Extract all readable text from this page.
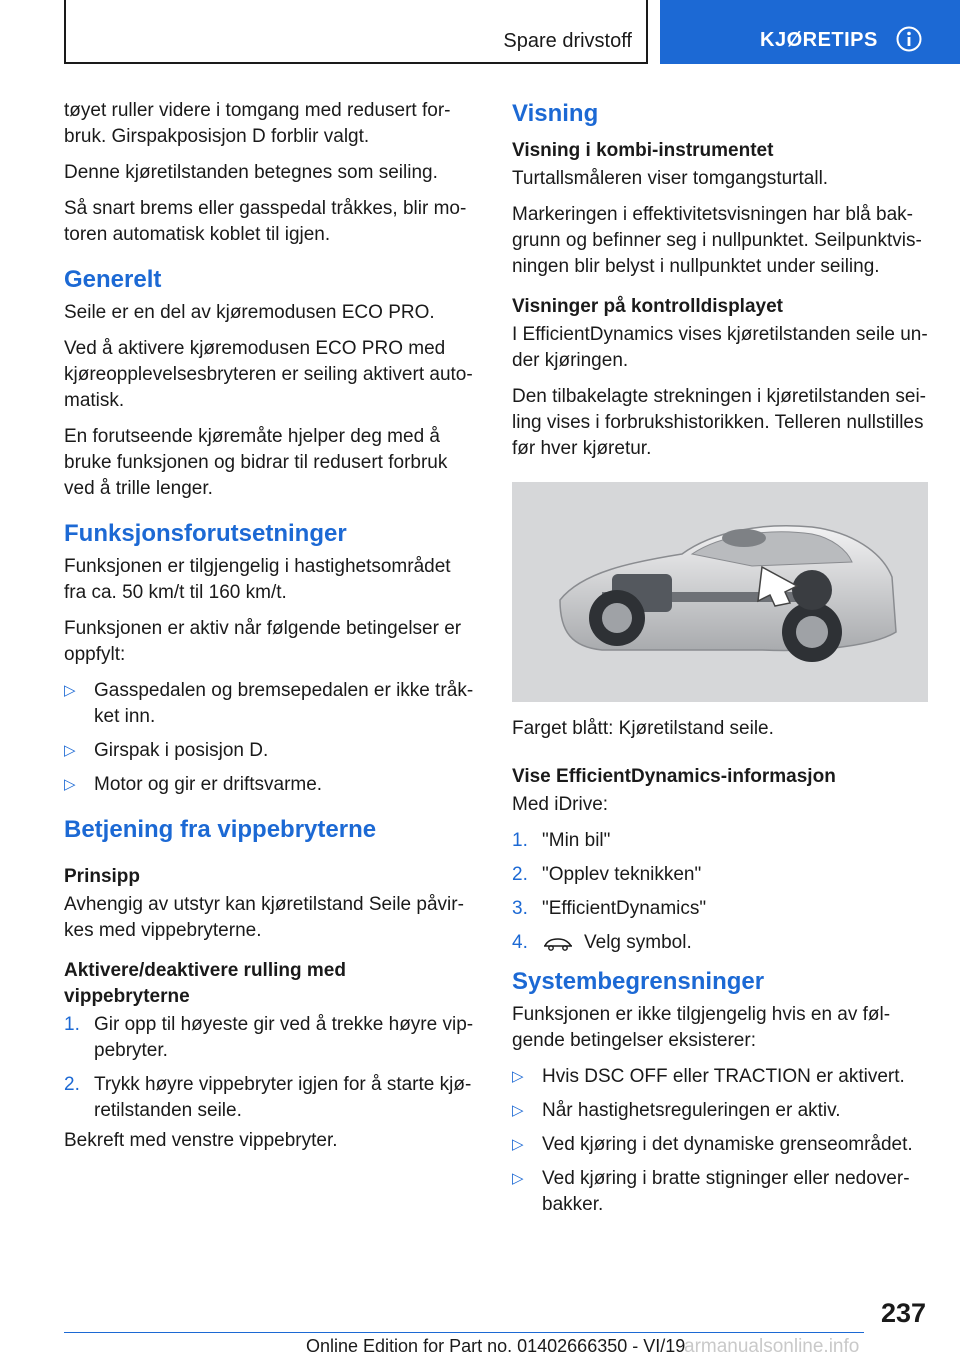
Spare drivstoff	KJØRETIPS

tøyet ruller videre i tomgang med redusert for-bruk. Girspakposisjon D forblir valgt.

Denne kjøretilstanden betegnes som seiling.

Så snart brems eller gasspedal tråkkes, blir mo-toren automatisk koblet til igjen.

Generelt

Seile er en del av kjøremodusen ECO PRO.

Ved å aktivere kjøremodusen ECO PRO med kjøreopplevelsesbryteren er seiling aktivert auto-matisk.

En forutseende kjøremåte hjelper deg med å bruke funksjonen og bidrar til redusert forbruk ved å trille lenger.

Funksjonsforutsetninger

Funksjonen er tilgjengelig i hastighetsområdet fra ca. 50 km/t til 160 km/t.

Funksjonen er aktiv når følgende betingelser er oppfylt:

▷ Gasspedalen og bremsepedalen er ikke tråk-ket inn.
▷ Girspak i posisjon D.
▷ Motor og gir er driftsvarme.
Betjening fra vippebryterne
Prinsipp

Avhengig av utstyr kan kjøretilstand Seile påvir-kes med vippebryterne.

Aktivere/deaktivere rulling med vippebryterne
1. Gir opp til høyeste gir ved å trekke høyre vip-pebryter.
2. Trykk høyre vippebryter igjen for å starte kjø-retilstanden seile.

Bekreft med venstre vippebryter.

Visning
Visning i kombi-instrumentet

Turtallsmåleren viser tomgangsturtall.

Markeringen i effektivitetsvisningen har blå bak-grunn og befinner seg i nullpunktet. Seilpunktvis-ningen blir belyst i nullpunktet under seiling.

Visninger på kontrolldisplayet

I EfficientDynamics vises kjøretilstanden seile un-der kjøringen.

Den tilbakelagte strekningen i kjøretilstanden sei-ling vises i forbrukshistorikken. Telleren nullstilles før hver kjøretur.

Farget blått: Kjøretilstand seile.

Vise EfficientDynamics-informasjon

Med iDrive:

1. "Min bil"
2. "Opplev teknikken"
3. "EfficientDynamics"
4.	Velg symbol.
Systembegrensninger

Funksjonen er ikke tilgjengelig hvis en av føl-gende betingelser eksisterer:

▷ Hvis DSC OFF eller TRACTION er aktivert.
▷ Når hastighetsreguleringen er aktiv.
▷ Ved kjøring i det dynamiske grenseområdet.
▷ Ved kjøring i bratte stigninger eller nedover-bakker.
237
Online Edition for Part no. 01402666350 - VI/19
armanualsonline.info
